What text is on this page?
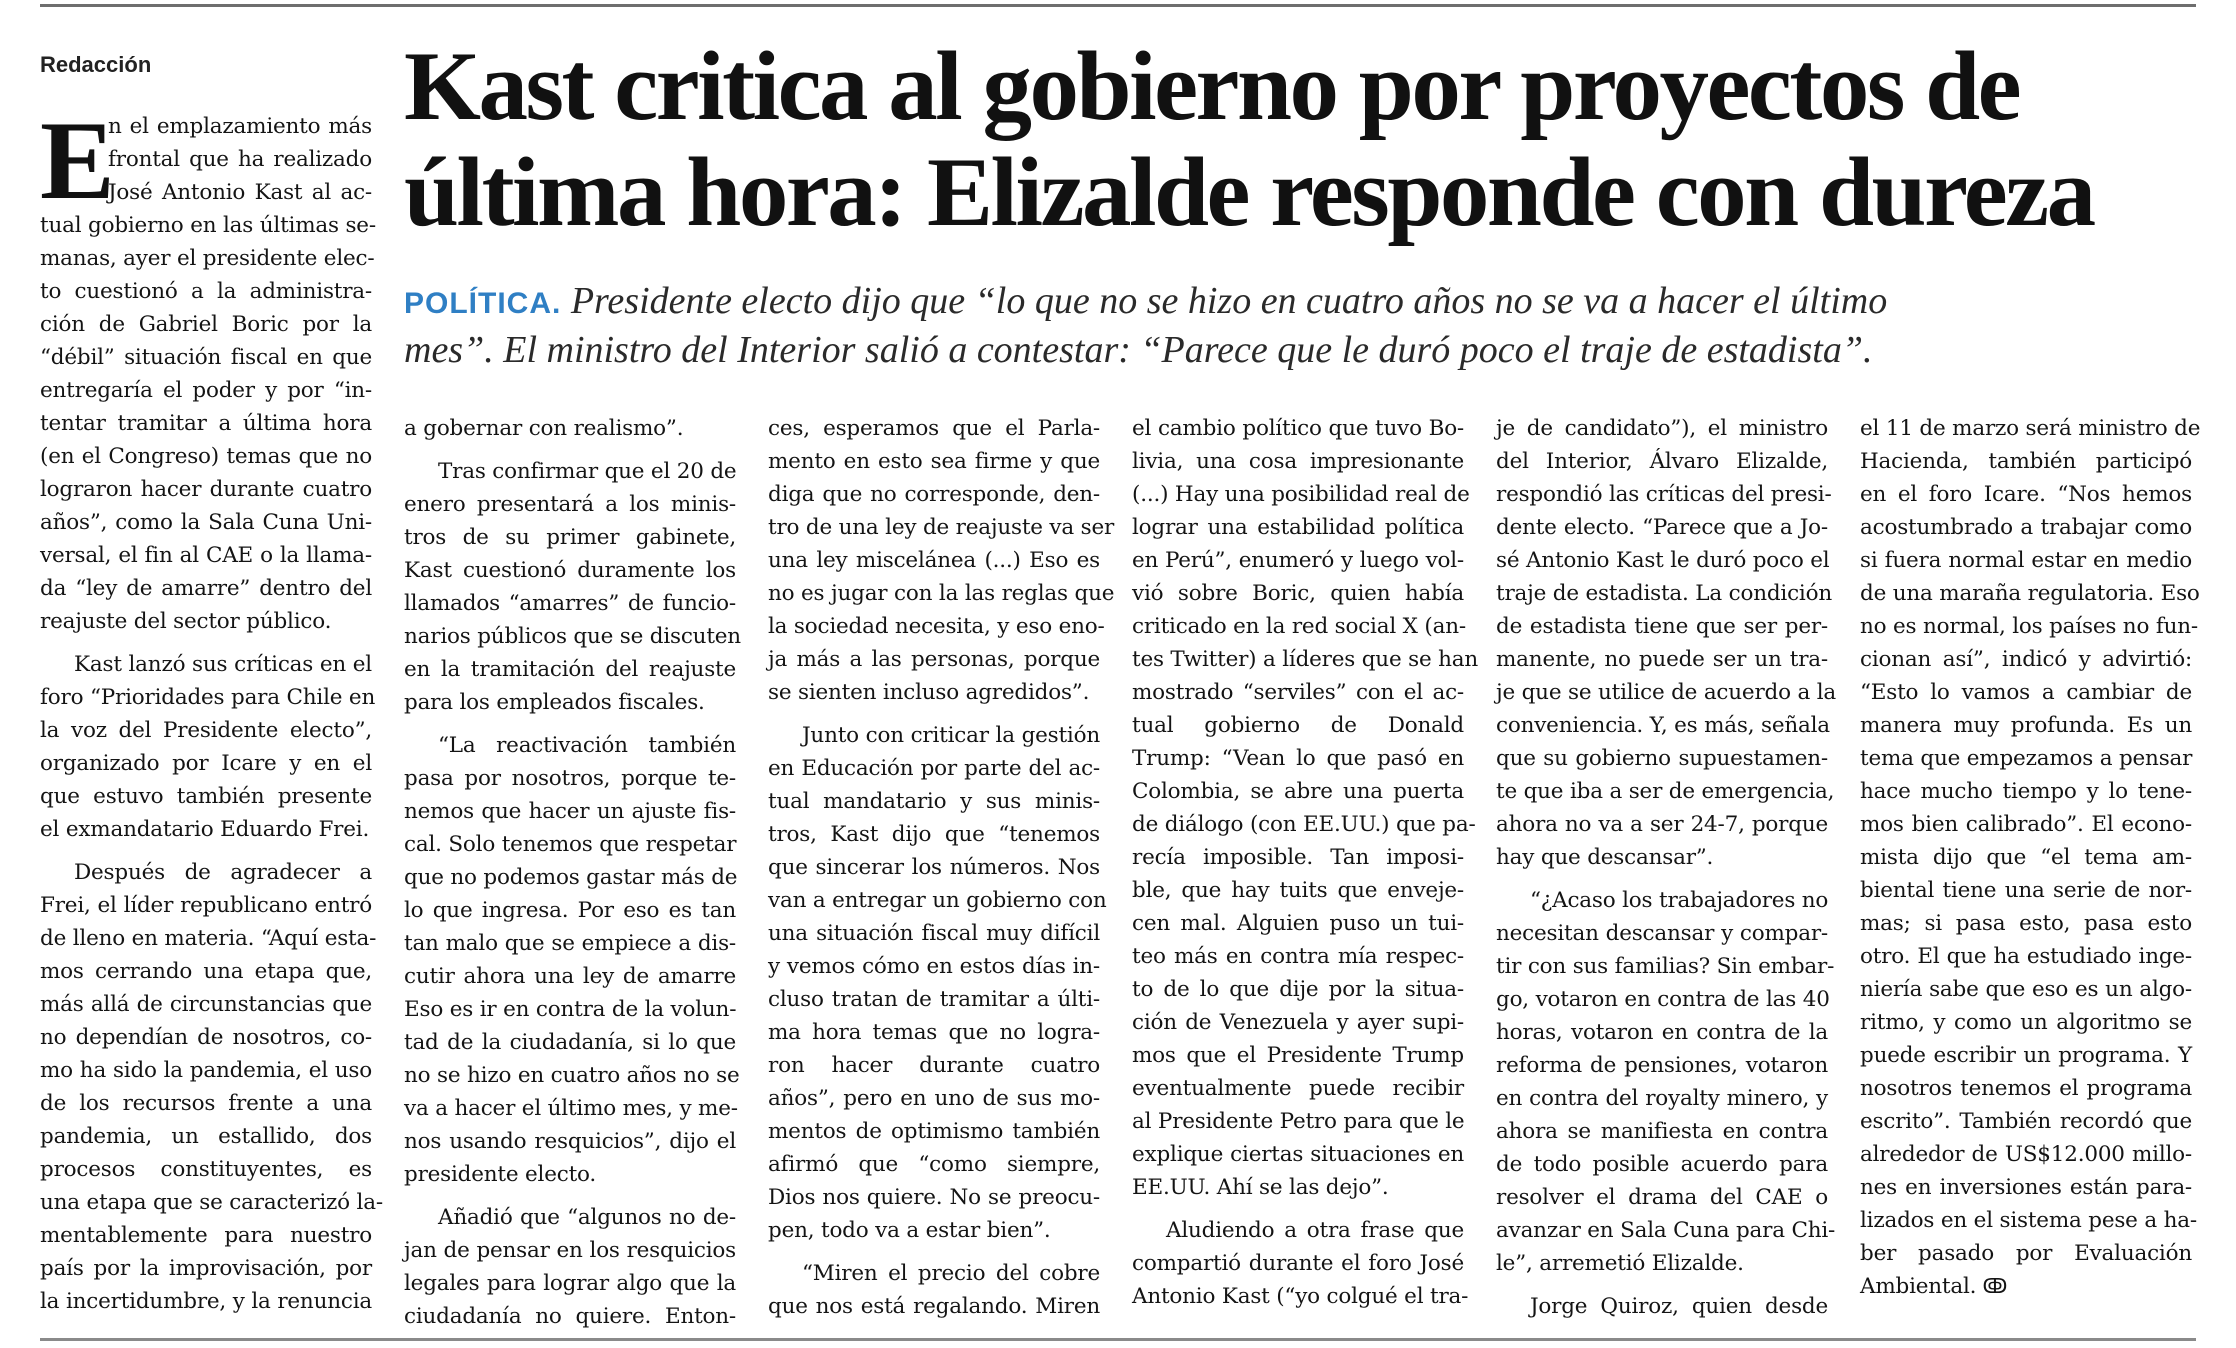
Redacción	Kast critica al gobierno por proyectos de
última hora: Elizalde responde con dureza
POLÍTICA. Presidente electo dijo que “lo que no se hizo en cuatro años no se va a hacer el último
mes”. El ministro del Interior salió a contestar: “Parece que le duró poco el traje de estadista”.
E
n el emplazamiento más
frontal que ha realizado
José Antonio Kast al ac-
tual gobierno en las últimas se-
manas, ayer el presidente elec-
to cuestionó a la administra-
ción de Gabriel Boric por la
“débil” situación fiscal en que
entregaría el poder y por “in-
tentar tramitar a última hora
(en el Congreso) temas que no
lograron hacer durante cuatro
años”, como la Sala Cuna Uni-
versal, el fin al CAE o la llama-
da “ley de amarre” dentro del
reajuste del sector público.
Kast lanzó sus críticas en el
foro “Prioridades para Chile en
la voz del Presidente electo”,
organizado por Icare y en el
que estuvo también presente
el exmandatario Eduardo Frei.
Después de agradecer a
Frei, el líder republicano entró
de lleno en materia. “Aquí esta-
mos cerrando una etapa que,
más allá de circunstancias que
no dependían de nosotros, co-
mo ha sido la pandemia, el uso
de los recursos frente a una
pandemia, un estallido, dos
procesos constituyentes, es
una etapa que se caracterizó la-
mentablemente para nuestro
país por la improvisación, por
la incertidumbre, y la renuncia
a gobernar con realismo”.
Tras confirmar que el 20 de
enero presentará a los minis-
tros de su primer gabinete,
Kast cuestionó duramente los
llamados “amarres” de funcio-
narios públicos que se discuten
en la tramitación del reajuste
para los empleados fiscales.
“La reactivación también
pasa por nosotros, porque te-
nemos que hacer un ajuste fis-
cal. Solo tenemos que respetar
que no podemos gastar más de
lo que ingresa. Por eso es tan
tan malo que se empiece a dis-
cutir ahora una ley de amarre
Eso es ir en contra de la volun-
tad de la ciudadanía, si lo que
no se hizo en cuatro años no se
va a hacer el último mes, y me-
nos usando resquicios”, dijo el
presidente electo.
Añadió que “algunos no de-
jan de pensar en los resquicios
legales para lograr algo que la
ciudadanía no quiere. Enton-
ces, esperamos que el Parla-
mento en esto sea firme y que
diga que no corresponde, den-
tro de una ley de reajuste va ser
una ley miscelánea (...) Eso es
no es jugar con la las reglas que
la sociedad necesita, y eso eno-
ja más a las personas, porque
se sienten incluso agredidos”.
Junto con criticar la gestión
en Educación por parte del ac-
tual mandatario y sus minis-
tros, Kast dijo que “tenemos
que sincerar los números. Nos
van a entregar un gobierno con
una situación fiscal muy difícil
y vemos cómo en estos días in-
cluso tratan de tramitar a últi-
ma hora temas que no logra-
ron hacer durante cuatro
años”, pero en uno de sus mo-
mentos de optimismo también
afirmó que “como siempre,
Dios nos quiere. No se preocu-
pen, todo va a estar bien”.
“Miren el precio del cobre
que nos está regalando. Miren
el cambio político que tuvo Bo-
livia, una cosa impresionante
(...) Hay una posibilidad real de
lograr una estabilidad política
en Perú”, enumeró y luego vol-
vió sobre Boric, quien había
criticado en la red social X (an-
tes Twitter) a líderes que se han
mostrado “serviles” con el ac-
tual gobierno de Donald
Trump: “Vean lo que pasó en
Colombia, se abre una puerta
de diálogo (con EE.UU.) que pa-
recía imposible. Tan imposi-
ble, que hay tuits que enveje-
cen mal. Alguien puso un tui-
teo más en contra mía respec-
to de lo que dije por la situa-
ción de Venezuela y ayer supi-
mos que el Presidente Trump
eventualmente puede recibir
al Presidente Petro para que le
explique ciertas situaciones en
EE.UU. Ahí se las dejo”.
Aludiendo a otra frase que
compartió durante el foro José
Antonio Kast (“yo colgué el tra-
je de candidato”), el ministro
del Interior, Álvaro Elizalde,
respondió las críticas del presi-
dente electo. “Parece que a Jo-
sé Antonio Kast le duró poco el
traje de estadista. La condición
de estadista tiene que ser per-
manente, no puede ser un tra-
je que se utilice de acuerdo a la
conveniencia. Y, es más, señala
que su gobierno supuestamen-
te que iba a ser de emergencia,
ahora no va a ser 24-7, porque
hay que descansar”.
“¿Acaso los trabajadores no
necesitan descansar y compar-
tir con sus familias? Sin embar-
go, votaron en contra de las 40
horas, votaron en contra de la
reforma de pensiones, votaron
en contra del royalty minero, y
ahora se manifiesta en contra
de todo posible acuerdo para
resolver el drama del CAE o
avanzar en Sala Cuna para Chi-
le”, arremetió Elizalde.
Jorge Quiroz, quien desde
el 11 de marzo será ministro de
Hacienda, también participó
en el foro Icare. “Nos hemos
acostumbrado a trabajar como
si fuera normal estar en medio
de una maraña regulatoria. Eso
no es normal, los países no fun-
cionan así”, indicó y advirtió:
“Esto lo vamos a cambiar de
manera muy profunda. Es un
tema que empezamos a pensar
hace mucho tiempo y lo tene-
mos bien calibrado”. El econo-
mista dijo que “el tema am-
biental tiene una serie de nor-
mas; si pasa esto, pasa esto
otro. El que ha estudiado inge-
niería sabe que eso es un algo-
ritmo, y como un algoritmo se
puede escribir un programa. Y
nosotros tenemos el programa
escrito”. También recordó que
alrededor de US$12.000 millo-
nes en inversiones están para-
lizados en el sistema pese a ha-
ber pasado por Evaluación
Ambiental. ↂ
